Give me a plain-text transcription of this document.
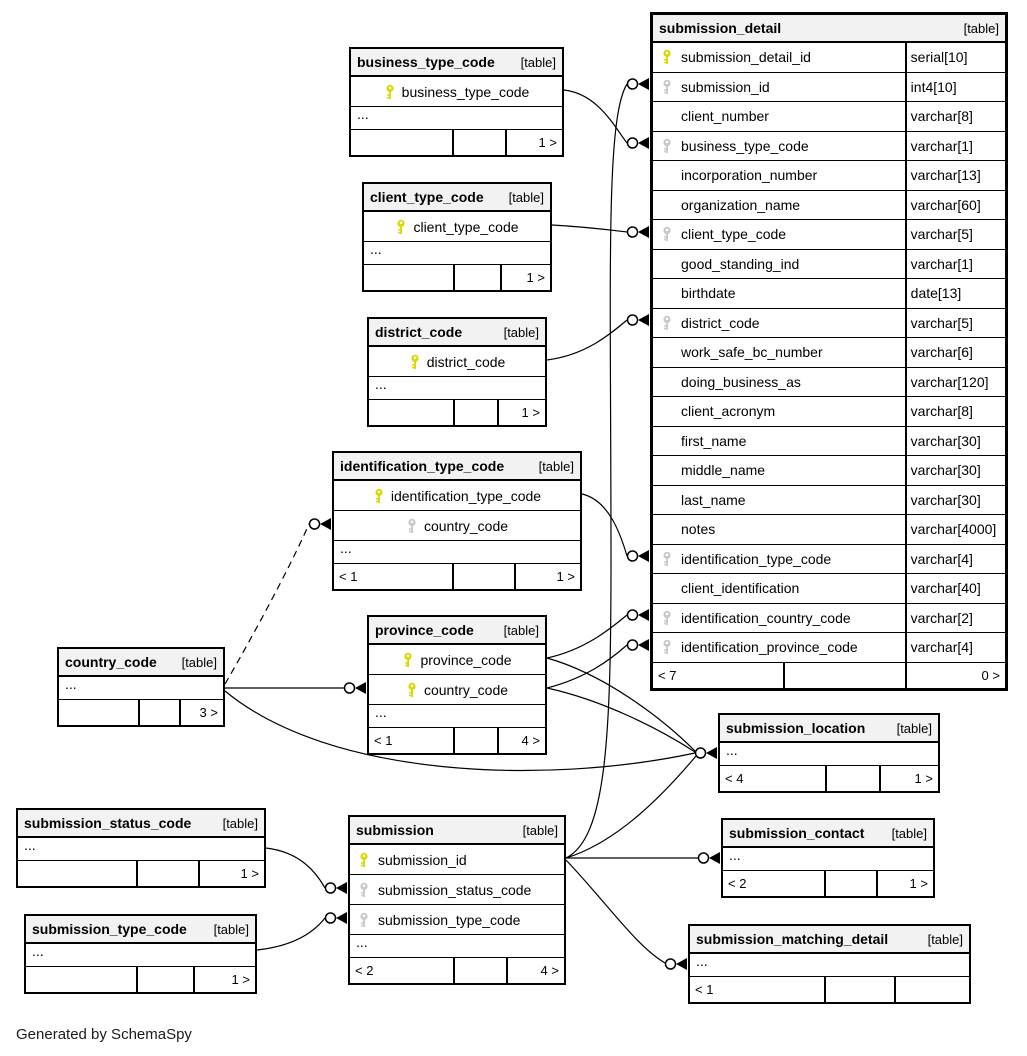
Generated by SchemaSpy
submission_detail	[table]
submission_detail_id	serial[10]
submission_id	int4[10]
client_number	varchar[8]
business_type_code	varchar[1]
incorporation_number	varchar[13]
organization_name	varchar[60]
client_type_code	varchar[5]
good_standing_ind	varchar[1]
birthdate	date[13]
district_code	varchar[5]
work_safe_bc_number	varchar[6]
doing_business_as	varchar[120]
client_acronym	varchar[8]
first_name	varchar[30]
middle_name	varchar[30]
last_name	varchar[30]
notes	varchar[4000]
identification_type_code	varchar[4]
client_identification	varchar[40]
identification_country_code	varchar[2]
identification_province_code	varchar[4]
< 7	0 >
business_type_code [table]
business_type_code
...
1 >
client_type_code [table]
client_type_code
...
1 >
district_code	[table]
district_code
...
1 >
identification_type_code	[table]
identification_type_code
country_code
...
< 1	1 >
province_code [table]
province_code
country_code
...
< 1	4 >
country_code [table]
...
3 >
submission_status_code [table]
...
1 >
submission_type_code [table]
...
1 >
submission	[table]
submission_id
submission_status_code
submission_type_code
...
< 2	4 >
submission_location [table]
...
< 4	1 >
submission_contact [table]
...
< 2	1 >
submission_matching_detail	[table]
...
< 1
